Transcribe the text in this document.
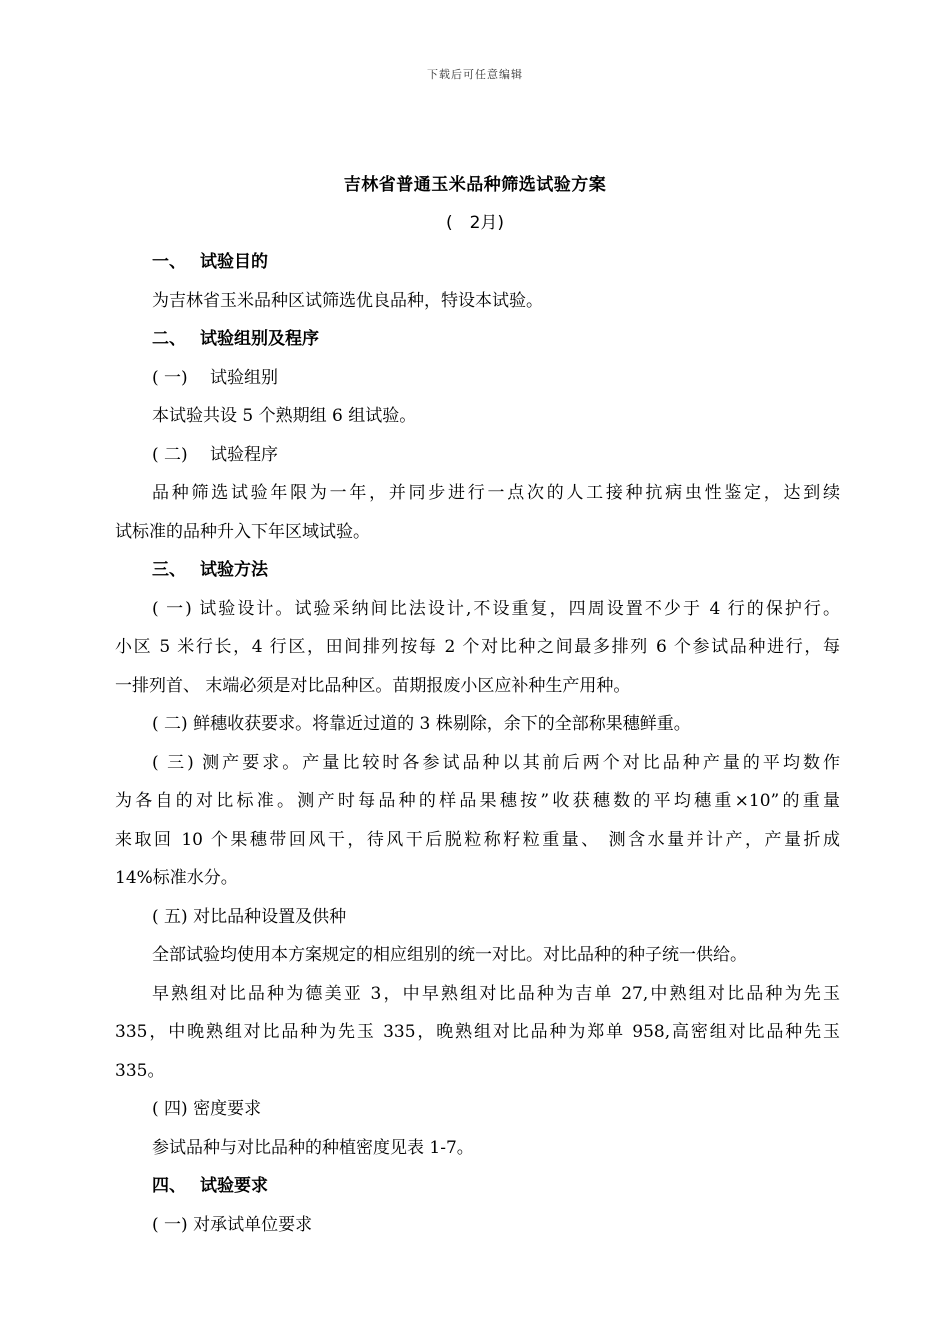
下载后可任意编辑
吉林省普通玉米品种筛选试验方案
(　2月)
一、 试验目的
为吉林省玉米品种区试筛选优良品种，特设本试验。
二、 试验组别及程序
( 一) 试验组别
本试验共设 5 个熟期组 6 组试验。
( 二) 试验程序
品种筛选试验年限为一年，并同步进行一点次的人工接种抗病虫性鉴定，达到续
试标准的品种升入下年区域试验。
三、 试验方法
( 一) 试验设计。试验采纳间比法设计,不设重复，四周设置不少于 4 行的保护行。
小区 5 米行长，4 行区，田间排列按每 2 个对比种之间最多排列 6 个参试品种进行，每
一排列首、 末端必须是对比品种区。苗期报废小区应补种生产用种。
( 二) 鲜穗收获要求。将靠近过道的 3 株剔除，余下的全部称果穗鲜重。
( 三) 测产要求。产量比较时各参试品种以其前后两个对比品种产量的平均数作
为各自的对比标准。测产时每品种的样品果穗按”收获穗数的平均穗重×10”的重量
来取回 10 个果穗带回风干，待风干后脱粒称籽粒重量、 测含水量并计产，产量折成
14%标准水分。
( 五) 对比品种设置及供种
全部试验均使用本方案规定的相应组别的统一对比。对比品种的种子统一供给。
早熟组对比品种为德美亚 3，中早熟组对比品种为吉单 27,中熟组对比品种为先玉
335，中晚熟组对比品种为先玉 335，晚熟组对比品种为郑单 958,高密组对比品种先玉
335。
( 四) 密度要求
参试品种与对比品种的种植密度见表 1-7。
四、 试验要求
( 一) 对承试单位要求
